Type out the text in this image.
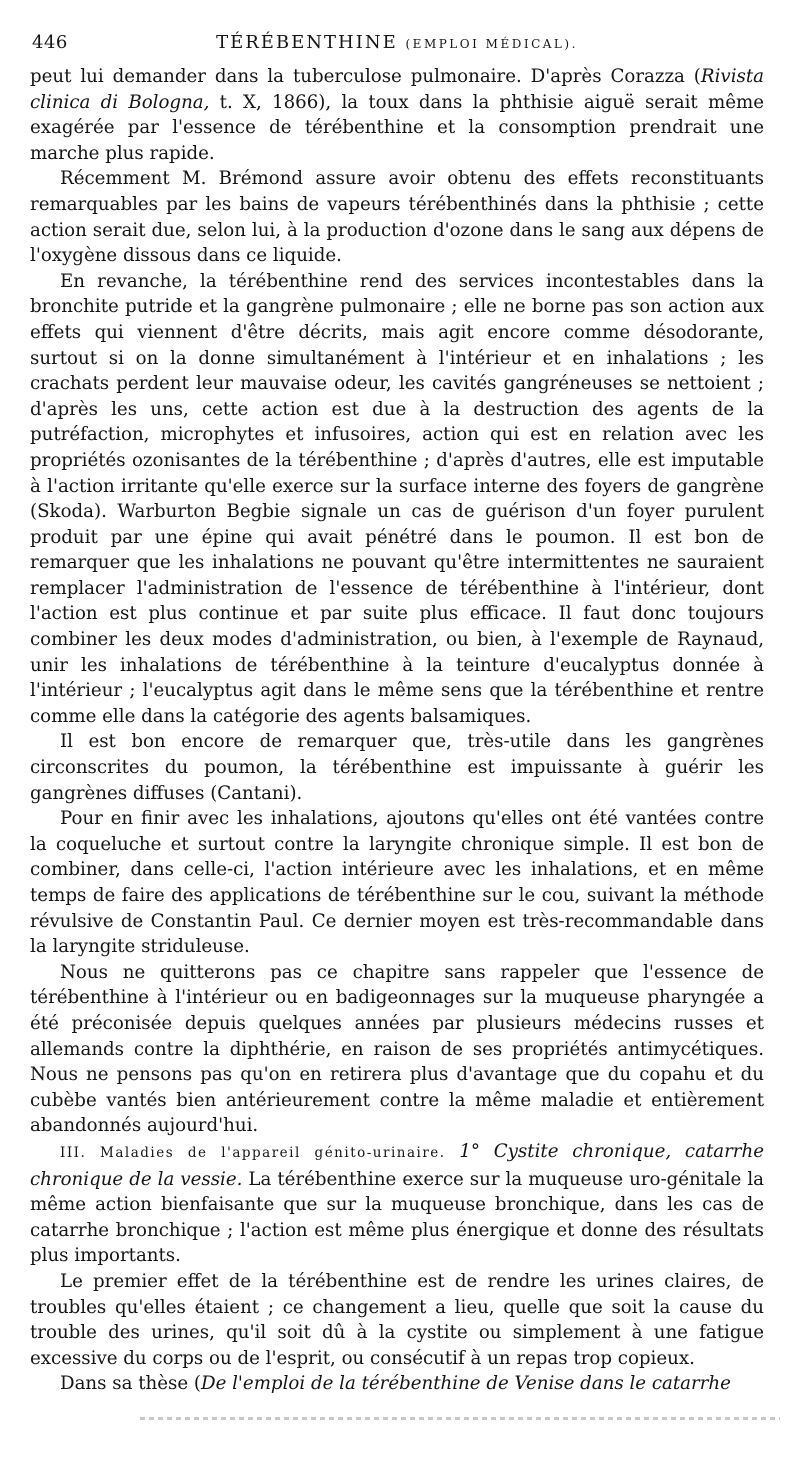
446	TÉRÉBENTHINE (EMPLOI MÉDICAL).

peut lui demander dans la tuberculose pulmonaire. D'après Corazza (Rivista clinica di Bologna, t. X, 1866), la toux dans la phthisie aiguë serait même exagérée par l'essence de térébenthine et la consomption prendrait une marche plus rapide.

Récemment M. Brémond assure avoir obtenu des effets reconstituants remarquables par les bains de vapeurs térébenthinés dans la phthisie ; cette action serait due, selon lui, à la production d'ozone dans le sang aux dépens de l'oxygène dissous dans ce liquide.

En revanche, la térébenthine rend des services incontestables dans la bronchite putride et la gangrène pulmonaire ; elle ne borne pas son action aux effets qui viennent d'être décrits, mais agit encore comme désodorante, surtout si on la donne simultanément à l'intérieur et en inhalations ; les crachats perdent leur mauvaise odeur, les cavités gangréneuses se nettoient ; d'après les uns, cette action est due à la destruction des agents de la putréfaction, microphytes et infusoires, action qui est en relation avec les propriétés ozonisantes de la térébenthine ; d'après d'autres, elle est imputable à l'action irritante qu'elle exerce sur la surface interne des foyers de gangrène (Skoda). Warburton Begbie signale un cas de guérison d'un foyer purulent produit par une épine qui avait pénétré dans le poumon. Il est bon de remarquer que les inhalations ne pouvant qu'être intermittentes ne sauraient remplacer l'administration de l'essence de térébenthine à l'intérieur, dont l'action est plus continue et par suite plus efficace. Il faut donc toujours combiner les deux modes d'administration, ou bien, à l'exemple de Raynaud, unir les inhalations de térébenthine à la teinture d'eucalyptus donnée à l'intérieur ; l'eucalyptus agit dans le même sens que la térébenthine et rentre comme elle dans la catégorie des agents balsamiques.

Il est bon encore de remarquer que, très-utile dans les gangrènes circonscrites du poumon, la térébenthine est impuissante à guérir les gangrènes diffuses (Cantani).

Pour en finir avec les inhalations, ajoutons qu'elles ont été vantées contre la coqueluche et surtout contre la laryngite chronique simple. Il est bon de combiner, dans celle-ci, l'action intérieure avec les inhalations, et en même temps de faire des applications de térébenthine sur le cou, suivant la méthode révulsive de Constantin Paul. Ce dernier moyen est très-recommandable dans la laryngite striduleuse.

Nous ne quitterons pas ce chapitre sans rappeler que l'essence de térébenthine à l'intérieur ou en badigeonnages sur la muqueuse pharyngée a été préconisée depuis quelques années par plusieurs médecins russes et allemands contre la diphthérie, en raison de ses propriétés antimycétiques. Nous ne pensons pas qu'on en retirera plus d'avantage que du copahu et du cubèbe vantés bien antérieurement contre la même maladie et entièrement abandonnés aujourd'hui.

III. Maladies de l'appareil génito-urinaire. 1° Cystite chronique, catarrhe chronique de la vessie. La térébenthine exerce sur la muqueuse uro-génitale la même action bienfaisante que sur la muqueuse bronchique, dans les cas de catarrhe bronchique ; l'action est même plus énergique et donne des résultats plus importants.

Le premier effet de la térébenthine est de rendre les urines claires, de troubles qu'elles étaient ; ce changement a lieu, quelle que soit la cause du trouble des urines, qu'il soit dû à la cystite ou simplement à une fatigue excessive du corps ou de l'esprit, ou consécutif à un repas trop copieux.

Dans sa thèse (De l'emploi de la térébenthine de Venise dans le catarrhe
